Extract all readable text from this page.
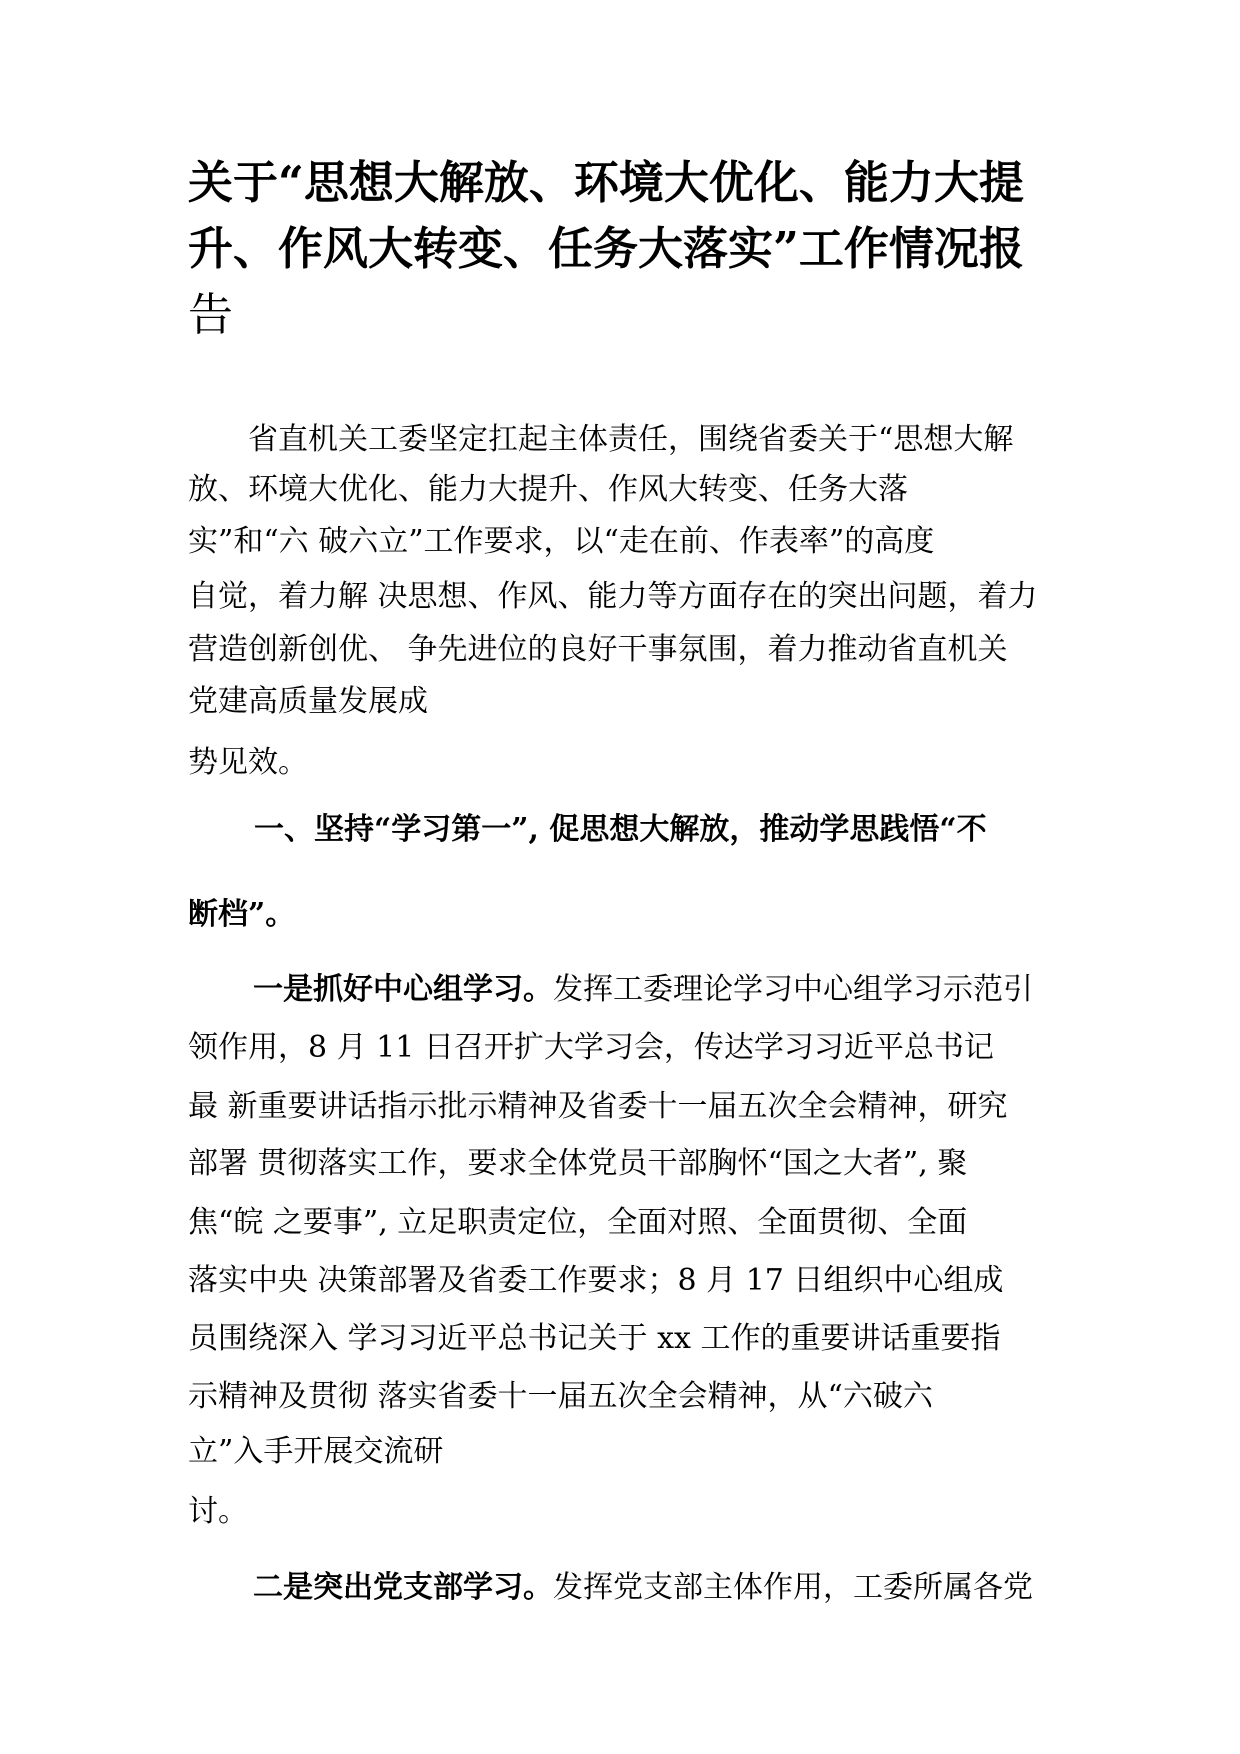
关于“思想大解放、环境大优化、能力大提
升、作风大转变、任务大落实”工作情况报
告

　　省直机关工委坚定扛起主体责任，围绕省委关于“思想大解

放、环境大优化、能力大提升、作风大转变、任务大落

实”和“六 破六立”工作要求，以“走在前、作表率”的高度

自觉，着力解 决思想、作风、能力等方面存在的突出问题，着力

营造创新创优、 争先进位的良好干事氛围，着力推动省直机关

党建高质量发展成

势见效。

一、坚持“学习第一”, 促思想大解放，推动学思践悟“不

断档”。

一是抓好中心组学习。发挥工委理论学习中心组学习示范引

领作用，8 月 11 日召开扩大学习会，传达学习习近平总书记

最 新重要讲话指示批示精神及省委十一届五次全会精神，研究

部署 贯彻落实工作，要求全体党员干部胸怀“国之大者”, 聚

焦“皖 之要事”, 立足职责定位，全面对照、全面贯彻、全面

落实中央 决策部署及省委工作要求；8 月 17 日组织中心组成

员围绕深入 学习习近平总书记关于 xx 工作的重要讲话重要指

示精神及贯彻 落实省委十一届五次全会精神，从“六破六

立”入手开展交流研

讨。

二是突出党支部学习。发挥党支部主体作用，工委所属各党
